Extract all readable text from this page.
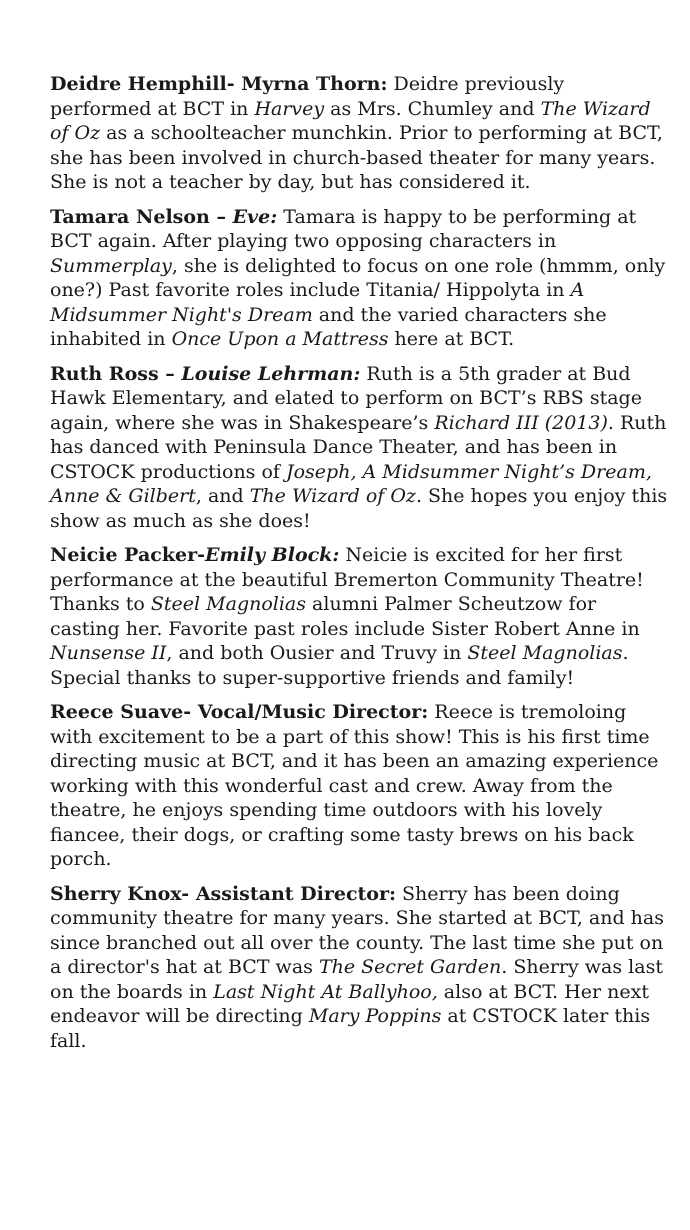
Deidre Hemphill- Myrna Thorn: Deidre previously performed at BCT in Harvey as Mrs. Chumley and The Wizard of Oz as a schoolteacher munchkin. Prior to performing at BCT, she has been involved in church-based theater for many years. She is not a teacher by day, but has considered it.

Tamara Nelson – Eve: Tamara is happy to be performing at BCT again. After playing two opposing characters in Summerplay, she is delighted to focus on one role (hmmm, only one?) Past favorite roles include Titania/ Hippolyta in A Midsummer Night's Dream and the varied characters she inhabited in Once Upon a Mattress here at BCT.

Ruth Ross – Louise Lehrman: Ruth is a 5th grader at Bud Hawk Elementary, and elated to perform on BCT’s RBS stage again, where she was in Shakespeare’s Richard III (2013). Ruth has danced with Peninsula Dance Theater, and has been in CSTOCK productions of Joseph, A Midsummer Night’s Dream, Anne & Gilbert, and The Wizard of Oz. She hopes you enjoy this show as much as she does!

Neicie Packer-Emily Block: Neicie is excited for her first performance at the beautiful Bremerton Community Theatre! Thanks to Steel Magnolias alumni Palmer Scheutzow for casting her. Favorite past roles include Sister Robert Anne in Nunsense II, and both Ousier and Truvy in Steel Magnolias. Special thanks to super-supportive friends and family!

Reece Suave- Vocal/Music Director: Reece is tremoloing with excitement to be a part of this show! This is his first time directing music at BCT, and it has been an amazing experience working with this wonderful cast and crew. Away from the theatre, he enjoys spending time outdoors with his lovely fiancee, their dogs, or crafting some tasty brews on his back porch.

Sherry Knox- Assistant Director: Sherry has been doing community theatre for many years. She started at BCT, and has since branched out all over the county. The last time she put on a director's hat at BCT was The Secret Garden. Sherry was last on the boards in Last Night At Ballyhoo, also at BCT. Her next endeavor will be directing Mary Poppins at CSTOCK later this fall.
